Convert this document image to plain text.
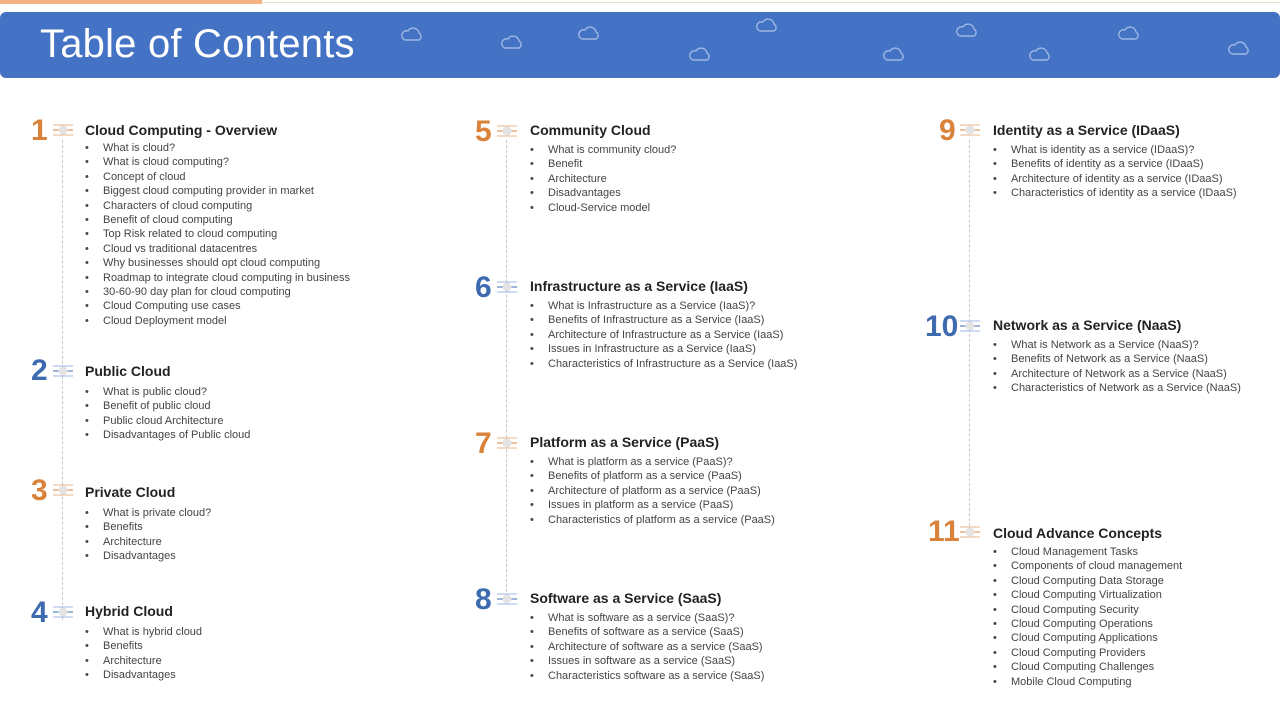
Table of Contents
1	Cloud Computing - Overview
• What is cloud?
• What is cloud computing?
• Concept of cloud
• Biggest cloud computing provider in market
• Characters of cloud computing
• Benefit of cloud computing
• Top Risk related to cloud computing
• Cloud vs traditional datacentres
• Why businesses should opt cloud computing
• Roadmap to integrate cloud computing in business
• 30-60-90 day plan for cloud computing
• Cloud Computing use cases
• Cloud Deployment model
2	Public Cloud
• What is public cloud?
• Benefit of public cloud
• Public cloud Architecture
• Disadvantages of Public cloud
3	Private Cloud
• What is private cloud?
• Benefits
• Architecture
• Disadvantages
4	Hybrid Cloud
• What is hybrid cloud
• Benefits
• Architecture
• Disadvantages
5	Community Cloud
• What is community cloud?
• Benefit
• Architecture
• Disadvantages
• Cloud-Service model
6	Infrastructure as a Service (IaaS)
• What is Infrastructure as a Service (IaaS)?
• Benefits of Infrastructure as a Service (IaaS)
• Architecture of Infrastructure as a Service (IaaS)
• Issues in Infrastructure as a Service (IaaS)
• Characteristics of Infrastructure as a Service (IaaS)
7	Platform as a Service (PaaS)
• What is platform as a service (PaaS)?
• Benefits of platform as a service (PaaS)
• Architecture of platform as a service (PaaS)
• Issues in platform as a service (PaaS)
• Characteristics of platform as a service (PaaS)
8	Software as a Service (SaaS)
• What is software as a service (SaaS)?
• Benefits of software as a service (SaaS)
• Architecture of software as a service (SaaS)
• Issues in software as a service (SaaS)
• Characteristics software as a service (SaaS)
9	Identity as a Service (IDaaS)
• What is identity as a service (IDaaS)?
• Benefits of identity as a service (IDaaS)
• Architecture of identity as a service (IDaaS)
• Characteristics of identity as a service (IDaaS)
10 Network as a Service (NaaS)
• What is Network as a Service (NaaS)?
• Benefits of Network as a Service (NaaS)
• Architecture of Network as a Service (NaaS)
• Characteristics of Network as a Service (NaaS)
11 Cloud Advance Concepts
• Cloud Management Tasks
• Components of cloud management
• Cloud Computing Data Storage
• Cloud Computing Virtualization
• Cloud Computing Security
• Cloud Computing Operations
• Cloud Computing Applications
• Cloud Computing Providers
• Cloud Computing Challenges
• Mobile Cloud Computing
